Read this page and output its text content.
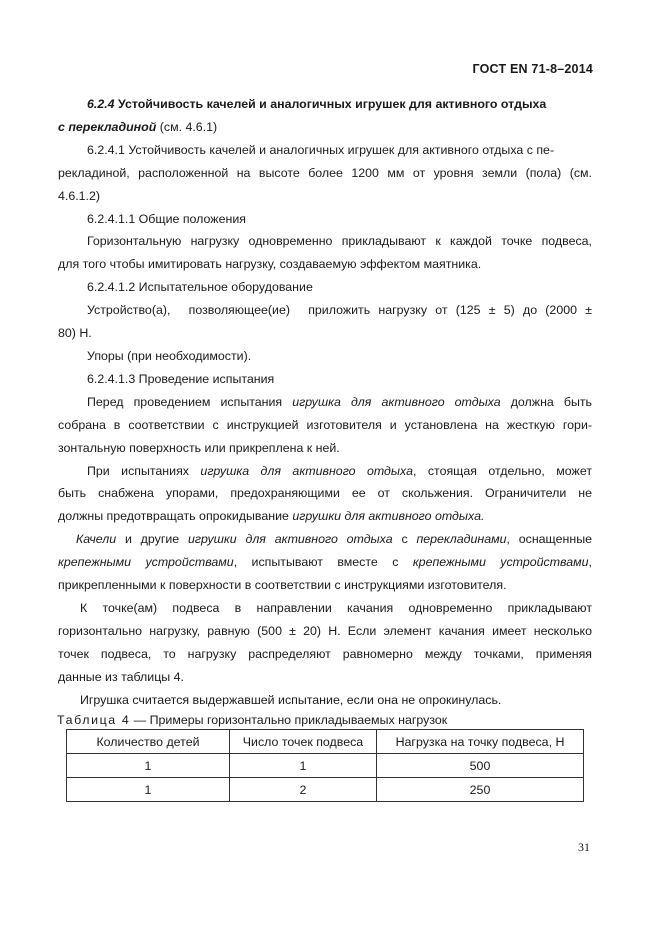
ГОСТ EN 71-8–2014

6.2.4 Устойчивость качелей и аналогичных игрушек для активного отдыха

с перекладиной (см. 4.6.1)

6.2.4.1 Устойчивость качелей и аналогичных игрушек для активного отдыха с пе-

рекладиной, расположенной на высоте более 1200 мм от уровня земли (пола) (см.

4.6.1.2)

6.2.4.1.1 Общие положения

Горизонтальную нагрузку одновременно прикладывают к каждой точке подвеса,

для того чтобы имитировать нагрузку, создаваемую эффектом маятника.

6.2.4.1.2 Испытательное оборудование

Устройство(а), позволяющее(ие) приложить нагрузку от (125 ± 5) до (2000 ±

80) Н.

Упоры (при необходимости).

6.2.4.1.3 Проведение испытания

Перед проведением испытания игрушка для активного отдыха должна быть

собрана в соответствии с инструкцией изготовителя и установлена на жесткую гори-

зонтальную поверхность или прикреплена к ней.

При испытаниях игрушка для активного отдыха, стоящая отдельно, может

быть снабжена упорами, предохраняющими ее от скольжения. Ограничители не

должны предотвращать опрокидывание игрушки для активного отдыха.

Качели и другие игрушки для активного отдыха с перекладинами, оснащенные

крепежными устройствами, испытывают вместе с крепежными устройствами,

прикрепленными к поверхности в соответствии с инструкциями изготовителя.

К точке(ам) подвеса в направлении качания одновременно прикладывают

горизонтально нагрузку, равную (500 ± 20) Н. Если элемент качания имеет несколько

точек подвеса, то нагрузку распределяют равномерно между точками, применяя

данные из таблицы 4.

Игрушка считается выдержавшей испытание, если она не опрокинулась.

Таблица 4 — Примеры горизонтально прикладываемых нагрузок

Количество детей	Число точек подвеса	Нагрузка на точку подвеса, Н
1	1	500
1	2	250
31
